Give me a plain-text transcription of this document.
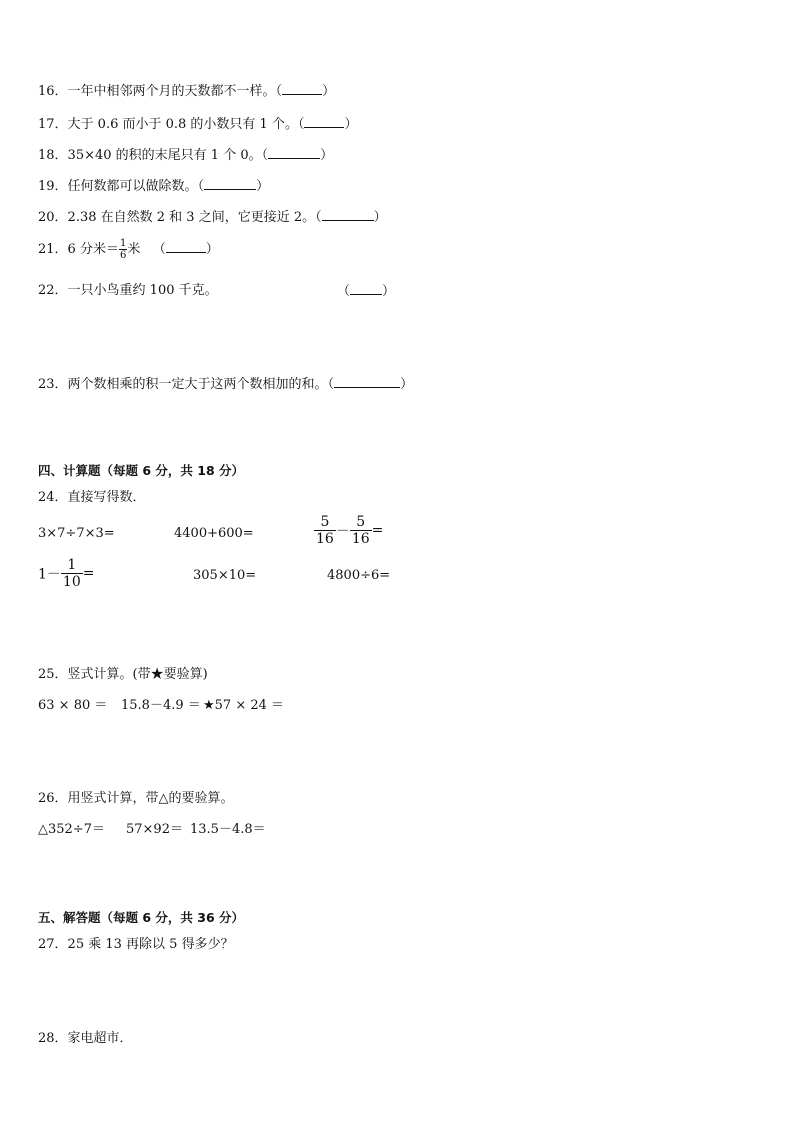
16．一年中相邻两个月的天数都不一样。（	）
17．大于 0.6 而小于 0.8 的小数只有 1 个。（	）
18．35×40 的积的末尾只有 1 个 0。（	）
19．任何数都可以做除数。（	）
20．2.38 在自然数 2 和 3 之间，它更接近 2。（	）
21．6 分米＝ $\frac{1}{6}$ 米 （	）
22．一只小鸟重约 100 千克。	（ ）
23．两个数相乘的积一定大于这两个数相加的和。（	）
四、计算题（每题 6 分，共 18 分）
24．直接写得数．
3×7÷7×3=	4400+600=	$\frac{5}{16} - \frac{5}{16}$ =
$1- \frac{1}{10}$ =	305×10=	4800÷6=
25．竖式计算。(带★要验算)
63 × 80 ＝ 15.8－4.9 ＝ ★57 × 24 ＝
26．用竖式计算，带△的要验算。
△352÷7＝ 57×92＝ 13.5－4.8＝
五、解答题（每题 6 分，共 36 分）
27．25 乘 13 再除以 5 得多少？
28．家电超市．
